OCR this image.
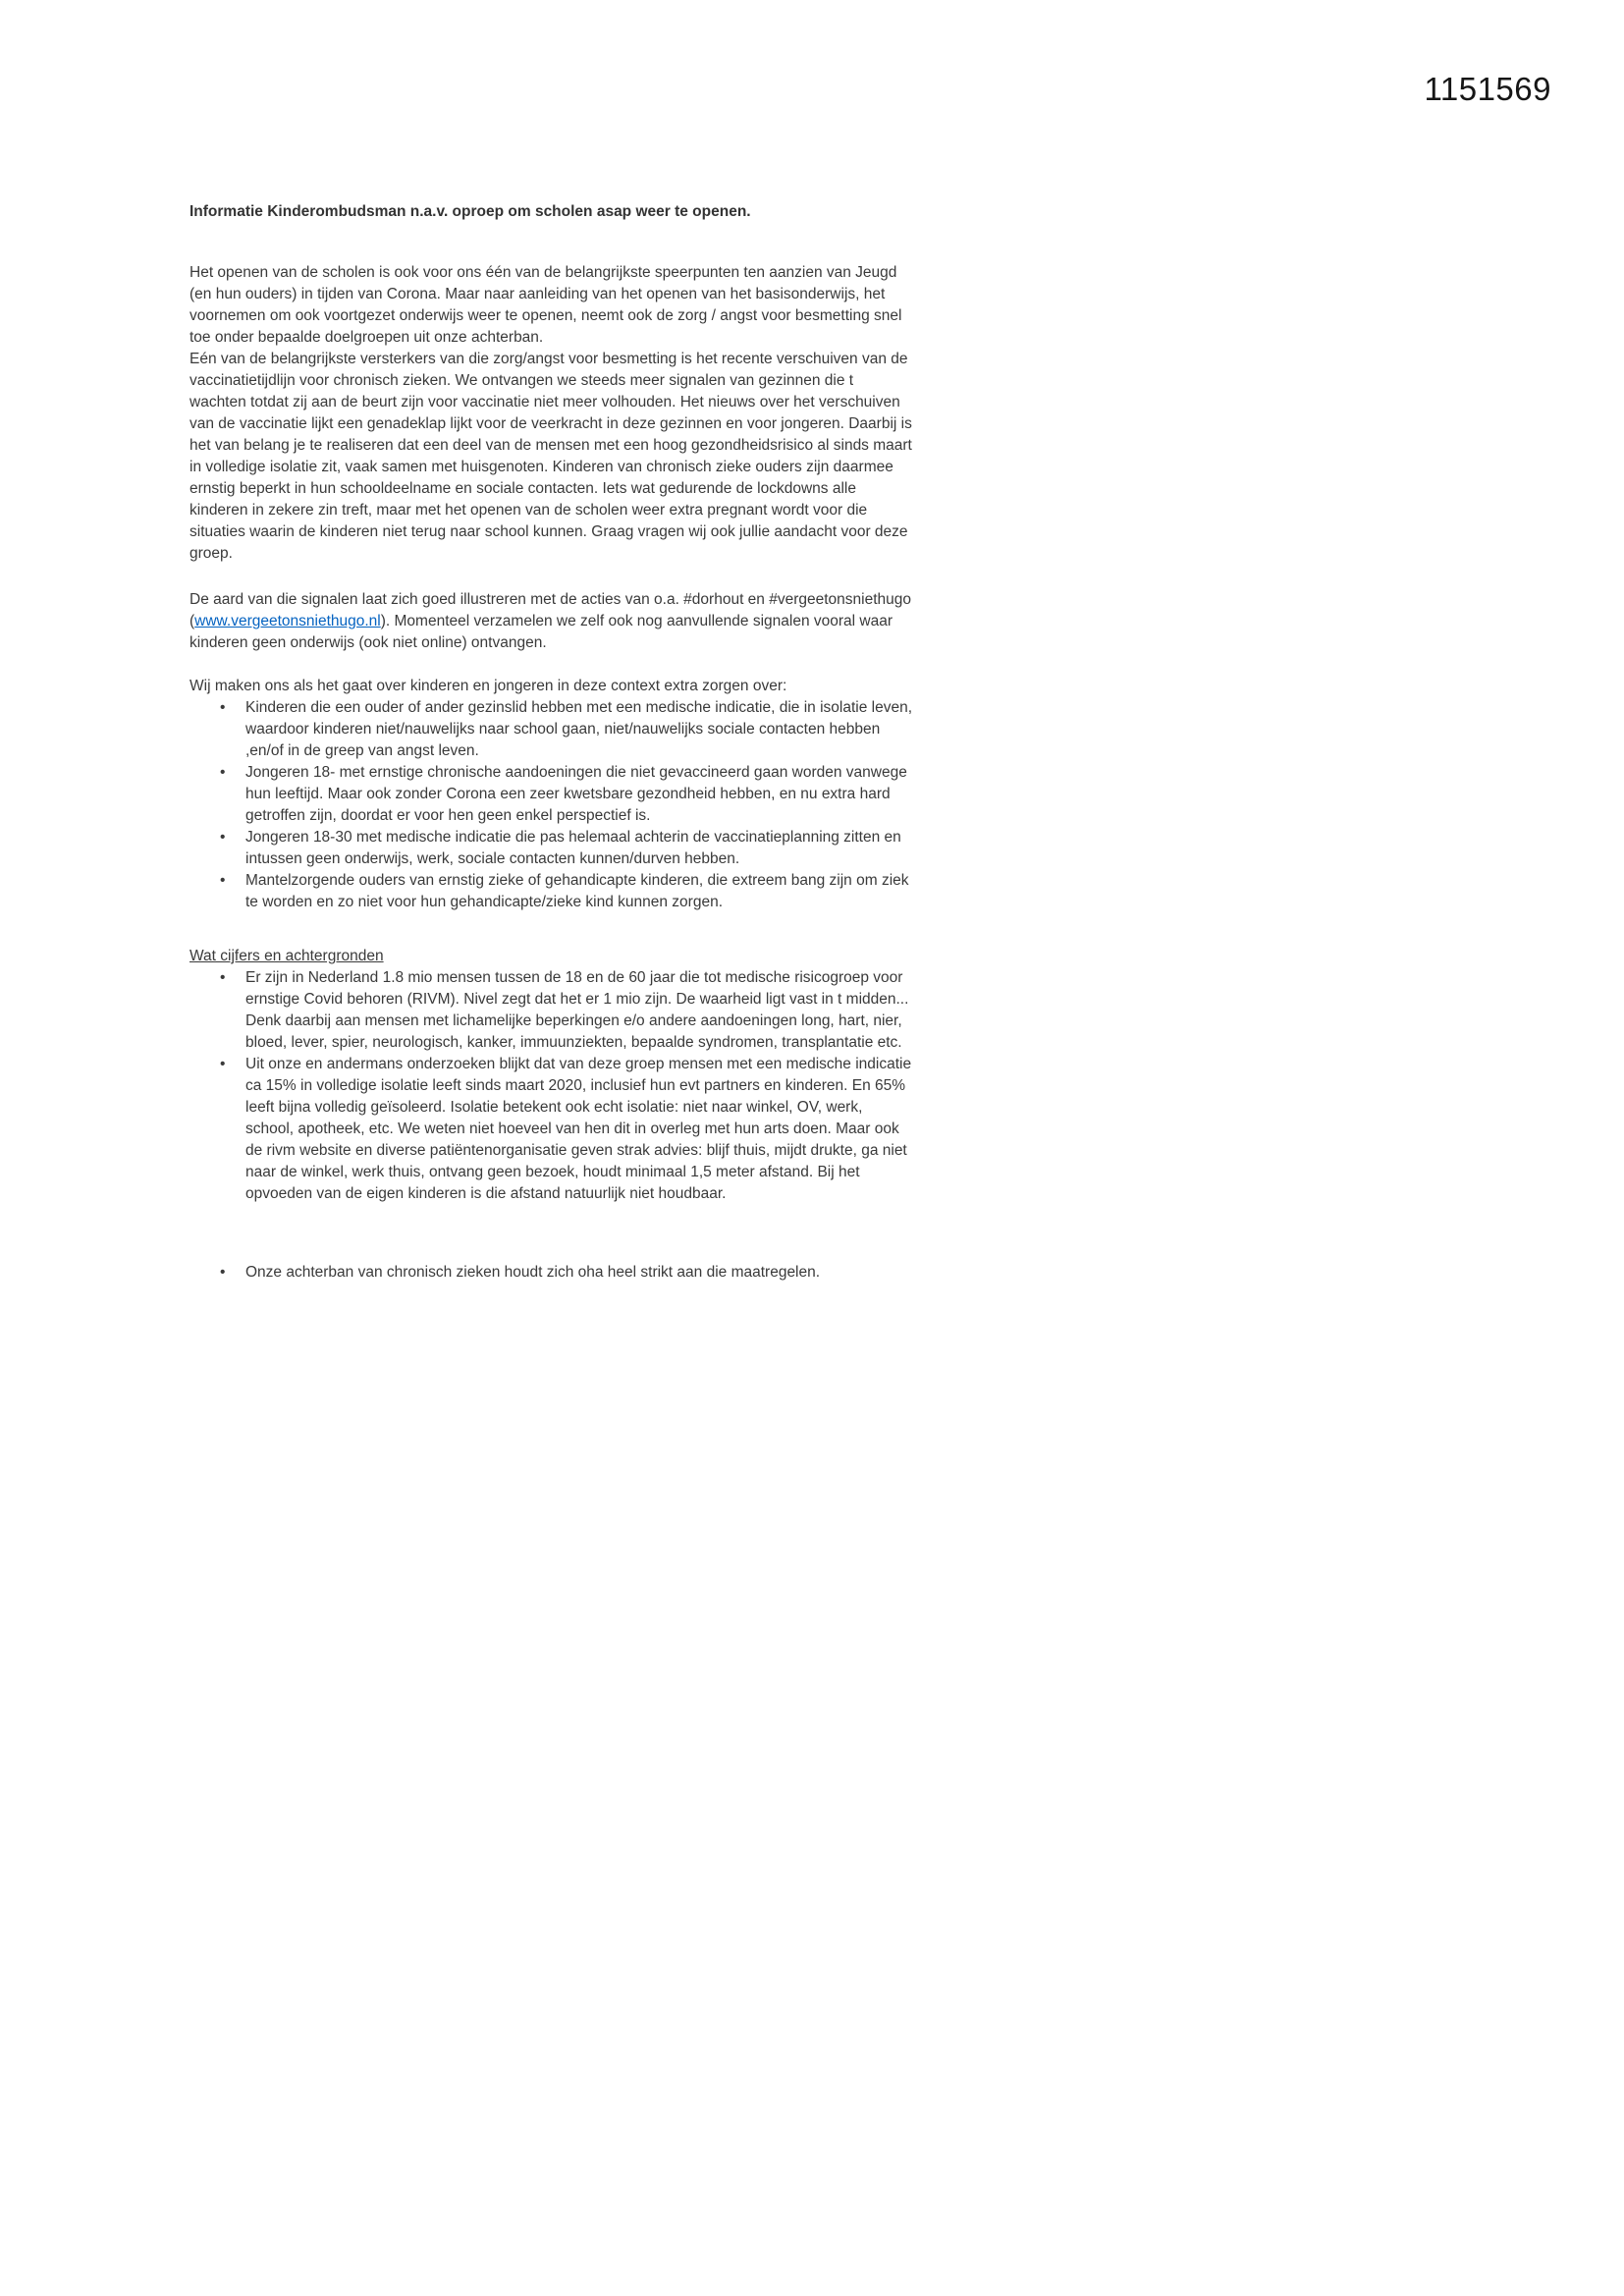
1151569

Informatie Kinderombudsman n.a.v. oproep om scholen asap weer te openen.

Het openen van de scholen is ook voor ons één van de belangrijkste speerpunten ten aanzien van Jeugd (en hun ouders) in tijden van Corona. Maar naar aanleiding van het openen van het basisonderwijs, het voornemen om ook voortgezet onderwijs weer te openen, neemt ook de zorg / angst voor besmetting snel toe onder bepaalde doelgroepen uit onze achterban.

Eén van de belangrijkste versterkers van die zorg/angst voor besmetting is het recente verschuiven van de vaccinatietijdlijn voor chronisch zieken. We ontvangen we steeds meer signalen van gezinnen die t wachten totdat zij aan de beurt zijn voor vaccinatie niet meer volhouden. Het nieuws over het verschuiven van de vaccinatie lijkt een genadeklap lijkt voor de veerkracht in deze gezinnen en voor jongeren. Daarbij is het van belang je te realiseren dat een deel van de mensen met een hoog gezondheidsrisico al sinds maart in volledige isolatie zit, vaak samen met huisgenoten. Kinderen van chronisch zieke ouders zijn daarmee ernstig beperkt in hun schooldeelname en sociale contacten. Iets wat gedurende de lockdowns alle kinderen in zekere zin treft, maar met het openen van de scholen weer extra pregnant wordt voor die situaties waarin de kinderen niet terug naar school kunnen. Graag vragen wij ook jullie aandacht voor deze groep.

De aard van die signalen laat zich goed illustreren met de acties van o.a. #dorhout en #vergeetonsniethugo (www.vergeetonsniethugo.nl). Momenteel verzamelen we zelf ook nog aanvullende signalen vooral waar kinderen geen onderwijs (ook niet online) ontvangen.

Wij maken ons als het gaat over kinderen en jongeren in deze context extra zorgen over:

• Kinderen die een ouder of ander gezinslid hebben met een medische indicatie, die in isolatie leven, waardoor kinderen niet/nauwelijks naar school gaan, niet/nauwelijks sociale contacten hebben ,en/of in de greep van angst leven.
• Jongeren 18- met ernstige chronische aandoeningen die niet gevaccineerd gaan worden vanwege hun leeftijd. Maar ook zonder Corona een zeer kwetsbare gezondheid hebben, en nu extra hard getroffen zijn, doordat er voor hen geen enkel perspectief is.
• Jongeren 18-30 met medische indicatie die pas helemaal achterin de vaccinatieplanning zitten en intussen geen onderwijs, werk, sociale contacten kunnen/durven hebben.
• Mantelzorgende ouders van ernstig zieke of gehandicapte kinderen, die extreem bang zijn om ziek te worden en zo niet voor hun gehandicapte/zieke kind kunnen zorgen.

Wat cijfers en achtergronden

• Er zijn in Nederland 1.8 mio mensen tussen de 18 en de 60 jaar die tot medische risicogroep voor ernstige Covid behoren (RIVM). Nivel zegt dat het er 1 mio zijn. De waarheid ligt vast in t midden... Denk daarbij aan mensen met lichamelijke beperkingen e/o andere aandoeningen long, hart, nier, bloed, lever, spier, neurologisch, kanker, immuunziekten, bepaalde syndromen, transplantatie etc.
• Uit onze en andermans onderzoeken blijkt dat van deze groep mensen met een medische indicatie ca 15% in volledige isolatie leeft sinds maart 2020, inclusief hun evt partners en kinderen. En 65% leeft bijna volledig geïsoleerd. Isolatie betekent ook echt isolatie: niet naar winkel, OV, werk, school, apotheek, etc. We weten niet hoeveel van hen dit in overleg met hun arts doen. Maar ook de rivm website en diverse patiëntenorganisatie geven strak advies: blijf thuis, mijdt drukte, ga niet naar de winkel, werk thuis, ontvang geen bezoek, houdt minimaal 1,5 meter afstand. Bij het opvoeden van de eigen kinderen is die afstand natuurlijk niet houdbaar.
• Onze achterban van chronisch zieken houdt zich oha heel strikt aan die maatregelen.
